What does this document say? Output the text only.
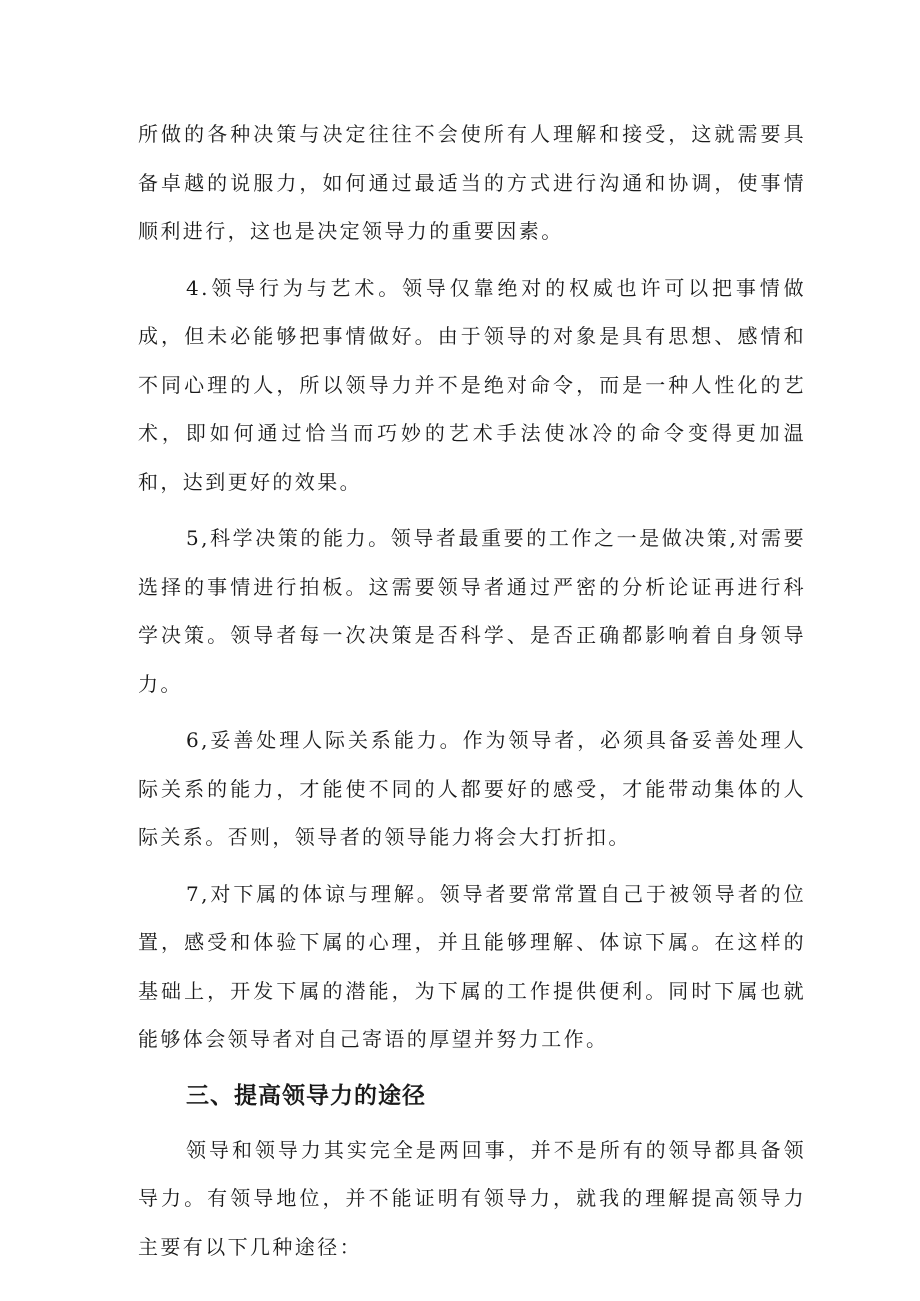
所做的各种决策与决定往往不会使所有人理解和接受，这就需要具备卓越的说服力，如何通过最适当的方式进行沟通和协调，使事情顺利进行，这也是决定领导力的重要因素。

4.领导行为与艺术。领导仅靠绝对的权威也许可以把事情做成，但未必能够把事情做好。由于领导的对象是具有思想、感情和不同心理的人，所以领导力并不是绝对命令，而是一种人性化的艺术，即如何通过恰当而巧妙的艺术手法使冰冷的命令变得更加温和，达到更好的效果。

5,科学决策的能力。领导者最重要的工作之一是做决策,对需要选择的事情进行拍板。这需要领导者通过严密的分析论证再进行科学决策。领导者每一次决策是否科学、是否正确都影响着自身领导力。

6,妥善处理人际关系能力。作为领导者，必须具备妥善处理人际关系的能力，才能使不同的人都要好的感受，才能带动集体的人际关系。否则，领导者的领导能力将会大打折扣。

7,对下属的体谅与理解。领导者要常常置自己于被领导者的位置，感受和体验下属的心理，并且能够理解、体谅下属。在这样的基础上，开发下属的潜能，为下属的工作提供便利。同时下属也就能够体会领导者对自己寄语的厚望并努力工作。

三、提高领导力的途径

领导和领导力其实完全是两回事，并不是所有的领导都具备领导力。有领导地位，并不能证明有领导力，就我的理解提高领导力主要有以下几种途径：
